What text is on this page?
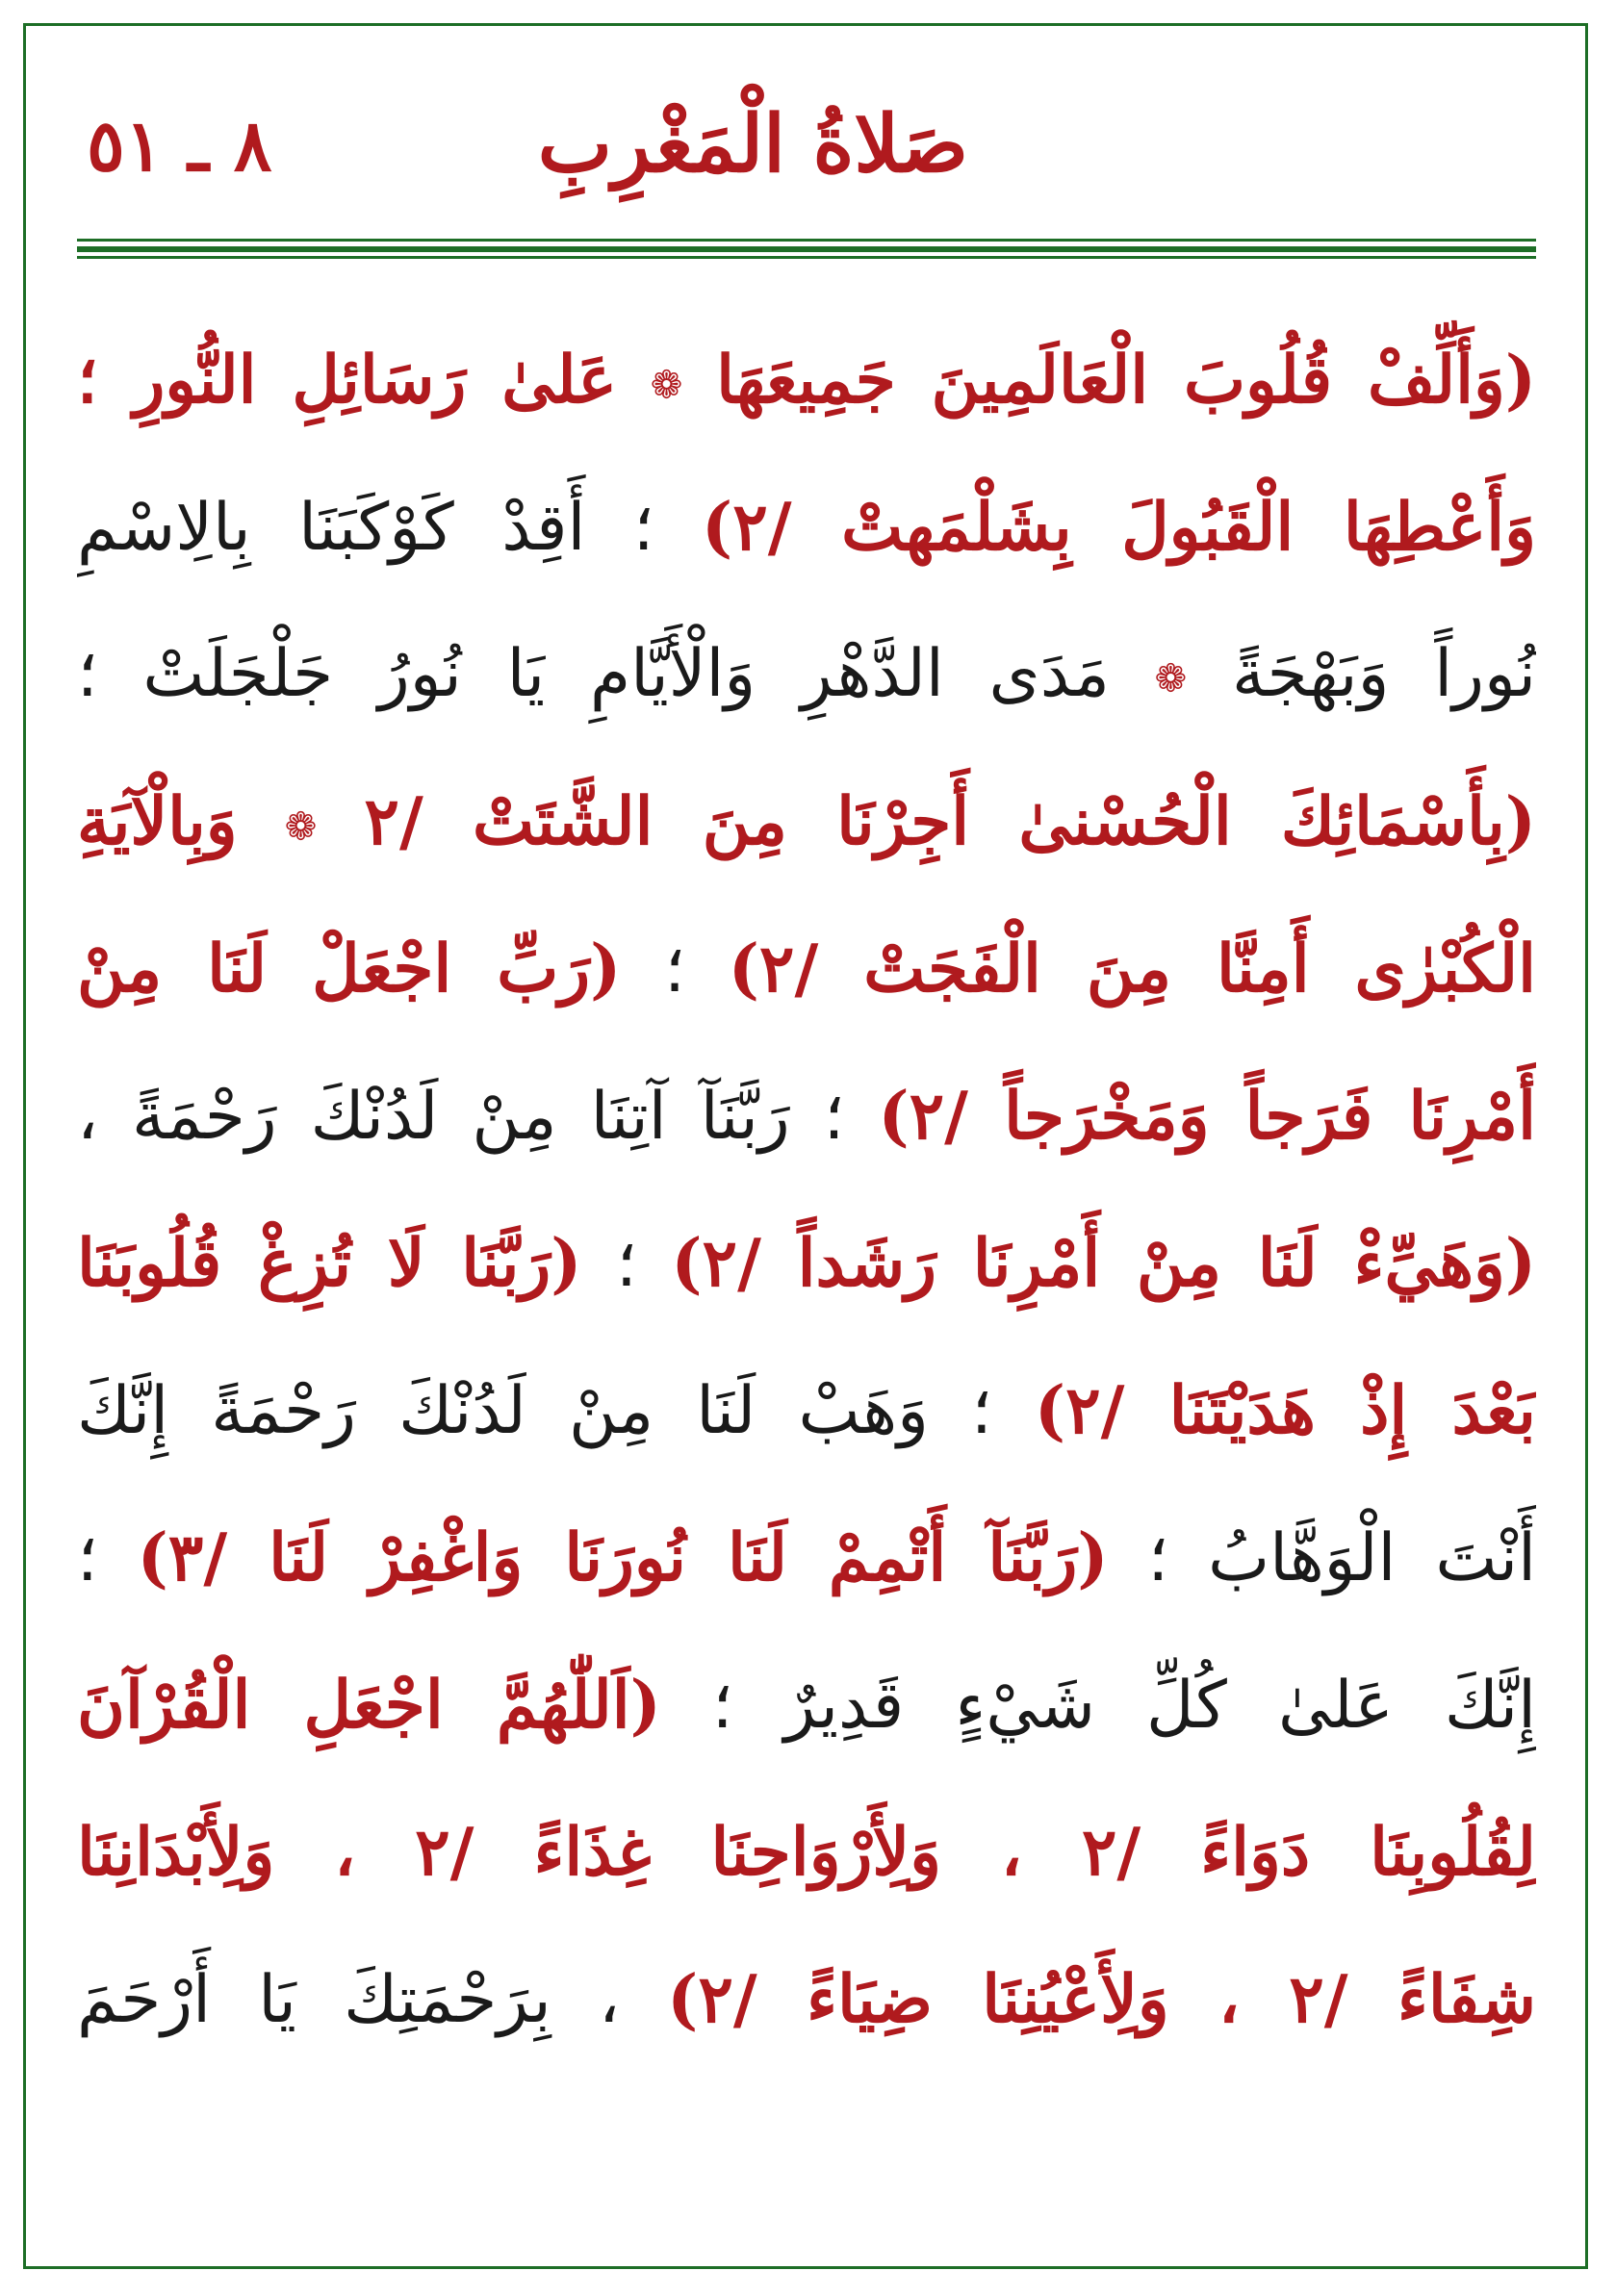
صَلاةُ الْمَغْرِبِ
٨ ـ ٥١
(وَأَلِّفْ قُلُوبَ الْعَالَمِينَ جَمِيعَهَا ❁ عَلىٰ رَسَائِلِ النُّورِ ؛
وَأَعْطِهَا الْقَبُولَ بِشَلْمَهتْ /٢) ؛ أَقِدْ كَوْكَبَنَا بِالِاسْمِ
نُوراً وَبَهْجَةً ❁ مَدَى الدَّهْرِ وَالْأَيَّامِ يَا نُورُ جَلْجَلَتْ ؛
(بِأَسْمَائِكَ الْحُسْنىٰ أَجِرْنَا مِنَ الشَّتَتْ /٢ ❁ وَبِالْآيَةِ
الْكُبْرٰى أَمِنَّا مِنَ الْفَجَتْ /٢) ؛ (رَبِّ اجْعَلْ لَنَا مِنْ
أَمْرِنَا فَرَجاً وَمَخْرَجاً /٢) ؛ رَبَّنَآ آتِنَا مِنْ لَدُنْكَ رَحْمَةً ،
(وَهَيِّءْ لَنَا مِنْ أَمْرِنَا رَشَداً /٢) ؛ (رَبَّنَا لَا تُزِغْ قُلُوبَنَا
بَعْدَ إِذْ هَدَيْتَنَا /٢) ؛ وَهَبْ لَنَا مِنْ لَدُنْكَ رَحْمَةً إِنَّكَ
أَنْتَ الْوَهَّابُ ؛ (رَبَّنَآ أَتْمِمْ لَنَا نُورَنَا وَاغْفِرْ لَنَا /٣) ؛
إِنَّكَ عَلىٰ كُلِّ شَيْءٍ قَدِيرٌ ؛ (اَللّٰهُمَّ اجْعَلِ الْقُرْآنَ
لِقُلُوبِنَا دَوَاءً /٢ ، وَلِأَرْوَاحِنَا غِذَاءً /٢ ، وَلِأَبْدَانِنَا
شِفَاءً /٢ ، وَلِأَعْيُنِنَا ضِيَاءً /٢) ، بِرَحْمَتِكَ يَا أَرْحَمَ
